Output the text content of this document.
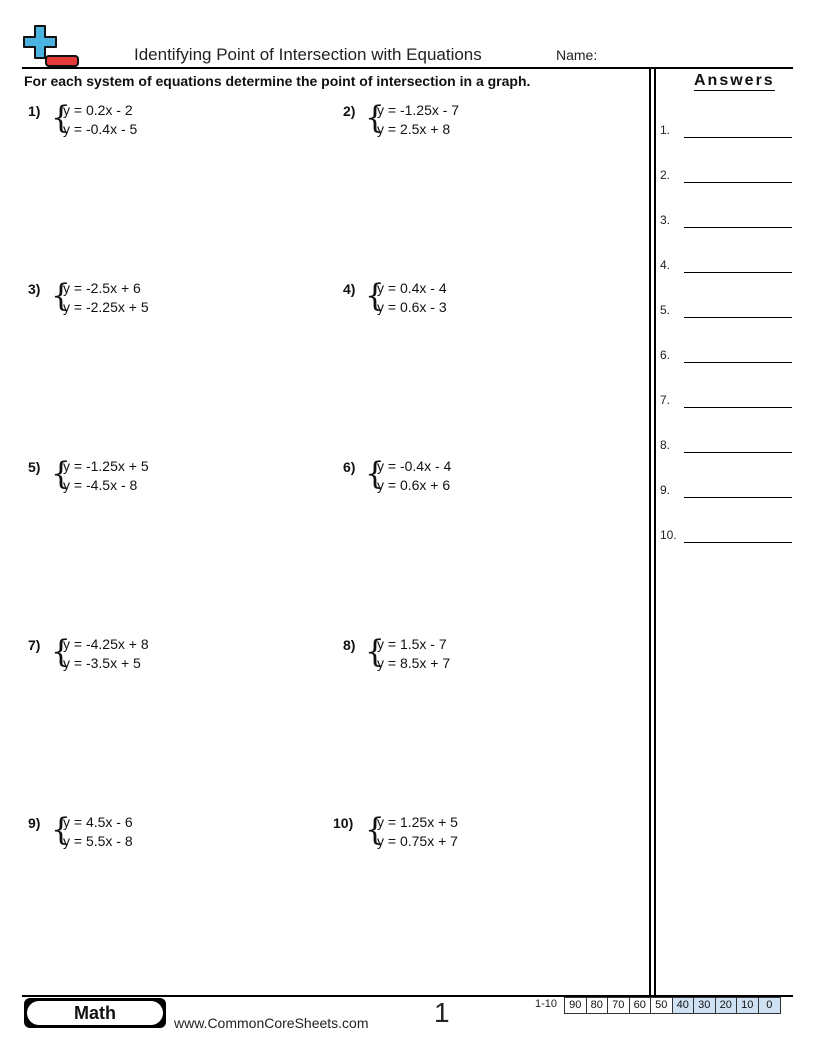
Identifying Point of Intersection with Equations	Name:
For each system of equations determine the point of intersection in a graph.	Answers
1.
2.
3.
4.
5.
6.
7.
8.
9.
10.
1) {
y = 0.2x - 2
y = -0.4x - 5
2) {
y = -1.25x - 7
y = 2.5x + 8
3) {
y = -2.5x + 6
y = -2.25x + 5
4) {
y = 0.4x - 4
y = 0.6x - 3
5) {
y = -1.25x + 5
y = -4.5x - 8
6) {
y = -0.4x - 4
y = 0.6x + 6
7) {
y = -4.25x + 8
y = -3.5x + 5
8) {
y = 1.5x - 7
y = 8.5x + 7
9) {
y = 4.5x - 6
y = 5.5x - 8
10) {
y = 1.25x + 5
y = 0.75x + 7
Math	www.CommonCoreSheets.com 1	1-10	90 80 70 60 50 40 30 20 10	0
